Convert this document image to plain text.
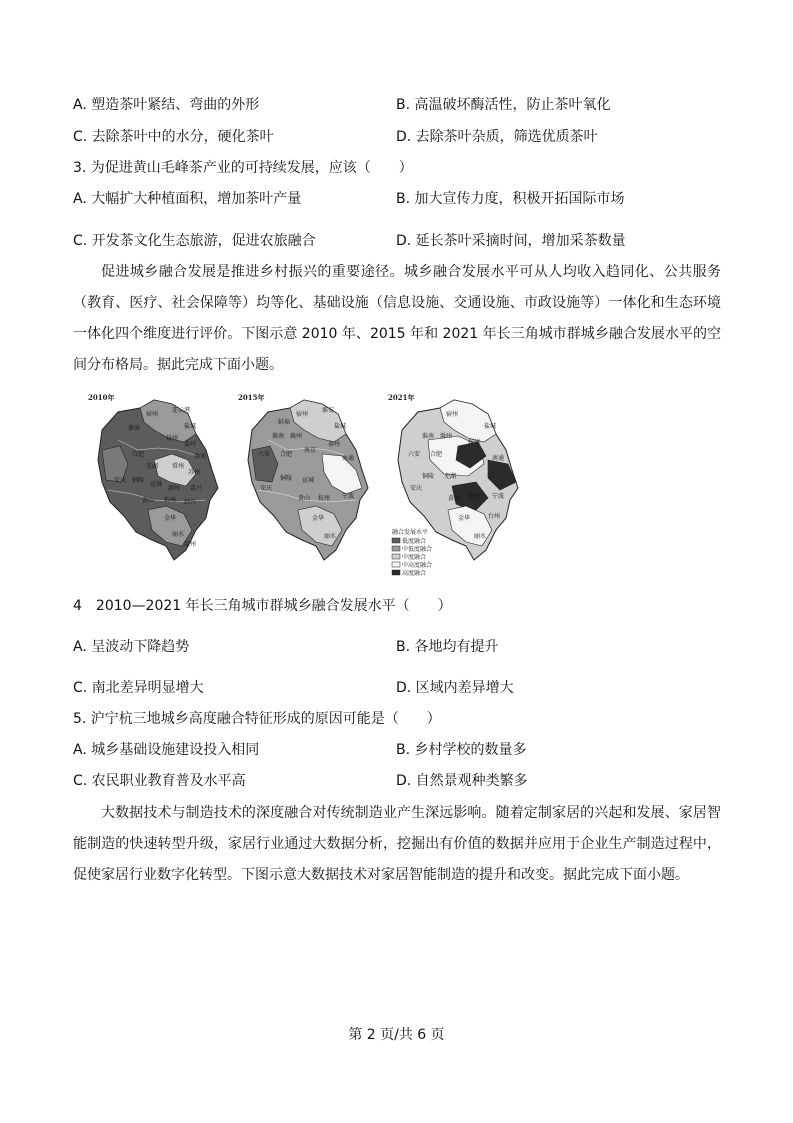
A. 塑造茶叶紧结、弯曲的外形	B. 高温破坏酶活性，防止茶叶氧化
C. 去除茶叶中的水分，硬化茶叶	D. 去除茶叶杂质，筛选优质茶叶
3. 为促进黄山毛峰茶产业的可持续发展，应该（　　）
A. 大幅扩大种植面积，增加茶叶产量	B. 加大宣传力度，积极开拓国际市场
C. 开发茶文化生态旅游，促进农旅融合	D. 延长茶叶采摘时间，增加采茶数量
促进城乡融合发展是推进乡村振兴的重要途径。城乡融合发展水平可从人均收入趋同化、公共服务（教育、医疗、社会保障等）均等化、基础设施（信息设施、交通设施、市政设施等）一体化和生态环境一体化四个维度进行评价。下图示意 2010 年、2015 年和 2021 年长三角城市群城乡融合发展水平的空间分布格局。据此完成下面小题。
2010年
宿州
连云港
盐城
淮南
扬州
泰州
合肥	南通
芜湖 常州
苏州
安庆 铜陵
宣城
湖州 嘉兴
黄山 杭州 绍兴
金华
丽水
温州
2015年
宿州
蚌埠
淮安
盐城
淮南 滁州
泰州
六安 合肥
南京
南通
铜陵 宣城
安庆
黄山 杭州 宁波
金华
丽水
2021年
宿州
盐城
淮南 滁州
扬州
六安 合肥
南通
铜陵 芜湖
安庆
黄山 杭州 宁波
金华	台州
丽水
融合发展水平
低度融合
中低度融合
中度融合
中高度融合
高度融合
4　2010—2021 年长三角城市群城乡融合发展水平（　　）
A. 呈波动下降趋势	B. 各地均有提升
C. 南北差异明显增大	D. 区域内差异增大
5. 沪宁杭三地城乡高度融合特征形成的原因可能是（　　）
A. 城乡基础设施建设投入相同	B. 乡村学校的数量多
C. 农民职业教育普及水平高	D. 自然景观种类繁多
大数据技术与制造技术的深度融合对传统制造业产生深远影响。随着定制家居的兴起和发展、家居智能制造的快速转型升级，家居行业通过大数据分析，挖掘出有价值的数据并应用于企业生产制造过程中，促使家居行业数字化转型。下图示意大数据技术对家居智能制造的提升和改变。据此完成下面小题。
第 2 页/共 6 页
